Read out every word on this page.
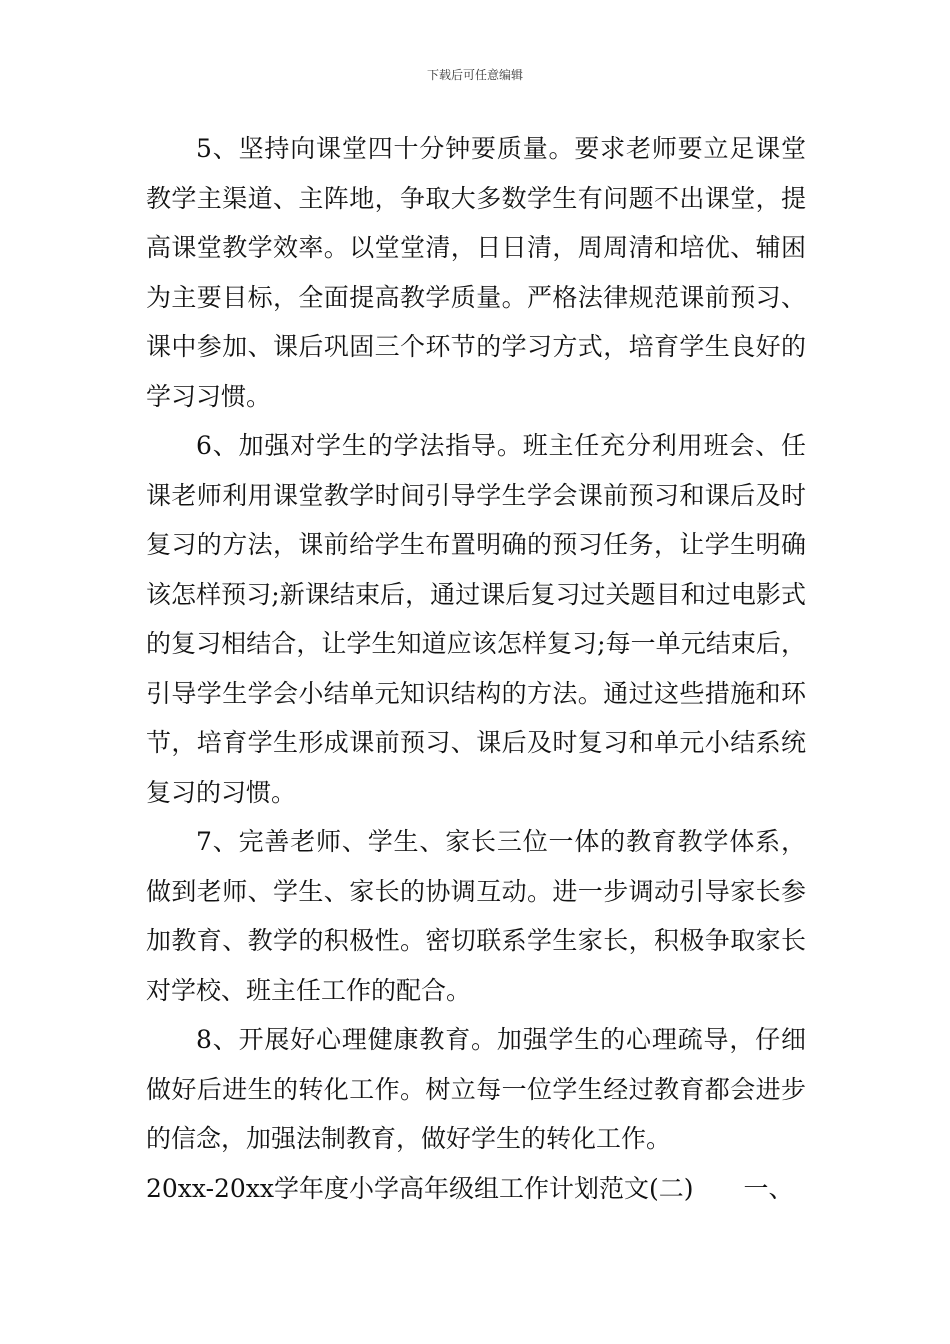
下载后可任意编辑

5、坚持向课堂四十分钟要质量。要求老师要立足课堂教学主渠道、主阵地，争取大多数学生有问题不出课堂，提高课堂教学效率。以堂堂清，日日清，周周清和培优、辅困为主要目标，全面提高教学质量。严格法律规范课前预习、课中参加、课后巩固三个环节的学习方式，培育学生良好的学习习惯。

6、加强对学生的学法指导。班主任充分利用班会、任课老师利用课堂教学时间引导学生学会课前预习和课后及时复习的方法，课前给学生布置明确的预习任务，让学生明确该怎样预习;新课结束后，通过课后复习过关题目和过电影式的复习相结合，让学生知道应该怎样复习;每一单元结束后，引导学生学会小结单元知识结构的方法。通过这些措施和环节，培育学生形成课前预习、课后及时复习和单元小结系统复习的习惯。

7、完善老师、学生、家长三位一体的教育教学体系，做到老师、学生、家长的协调互动。进一步调动引导家长参加教育、教学的积极性。密切联系学生家长，积极争取家长对学校、班主任工作的配合。

8、开展好心理健康教育。加强学生的心理疏导，仔细做好后进生的转化工作。树立每一位学生经过教育都会进步的信念，加强法制教育，做好学生的转化工作。

20xx-20xx学年度小学高年级组工作计划范文(二) 一、
